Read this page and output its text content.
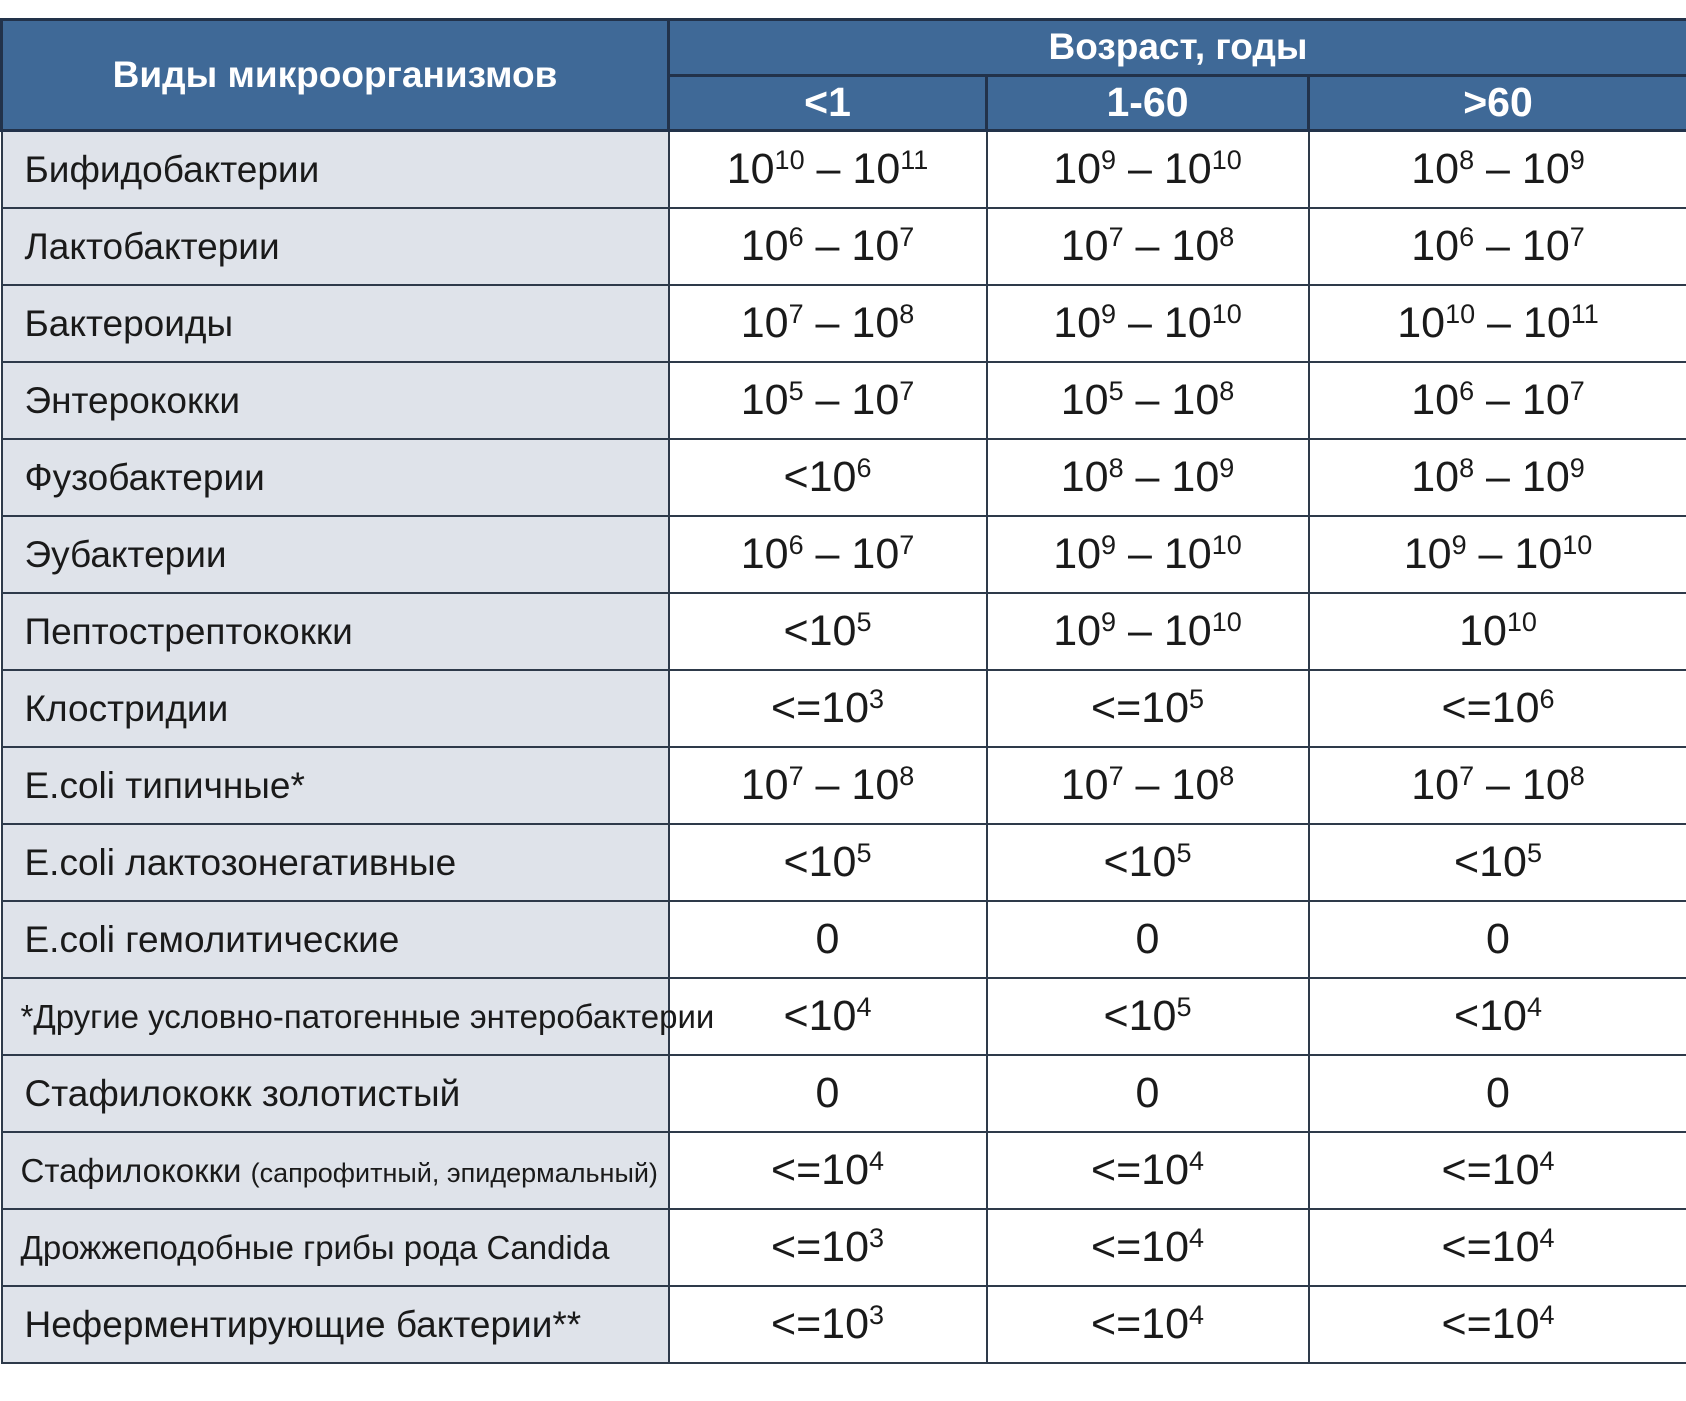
Виды микроорганизмов	Возраст, годы		
	<1	1-60	>60
Бифидобактерии	$10^{10} - 10^{11}$	$10^9 - 10^{10}$	$10^8 - 10^9$
Лактобактерии	$10^6 - 10^7$	$10^7 - 10^8$	$10^6 - 10^7$
Бактероиды	$10^7 - 10^8$	$10^9 - 10^{10}$	$10^{10} - 10^{11}$
Энтерококки	$10^5 - 10^7$	$10^5 - 10^8$	$10^6 - 10^7$
Фузобактерии	$<10^6$	$10^8 - 10^9$	$10^8 - 10^9$
Эубактерии	$10^6 - 10^7$	$10^9 - 10^{10}$	$10^9 - 10^{10}$
Пептострептококки	$<10^5$	$10^9 - 10^{10}$	$10^{10}$
Клостридии	$<=10^3$	$<=10^5$	$<=10^6$
E.coli типичные*	$10^7 - 10^8$	$10^7 - 10^8$	$10^7 - 10^8$
E.coli лактозонегативные	$<10^5$	$<10^5$	$<10^5$
E.coli гемолитические	0	0	0
*Другие условно-патогенные энтеробактерии	$<10^4$	$<10^5$	$<10^4$
Стафилококк золотистый	0	0	0
Стафилококки (сапрофитный, эпидермальный)	$<=10^4$	$<=10^4$	$<=10^4$
Дрожжеподобные грибы рода Candida	$<=10^3$	$<=10^4$	$<=10^4$
Неферментирующие бактерии**	$<=10^3$	$<=10^4$	$<=10^4$
